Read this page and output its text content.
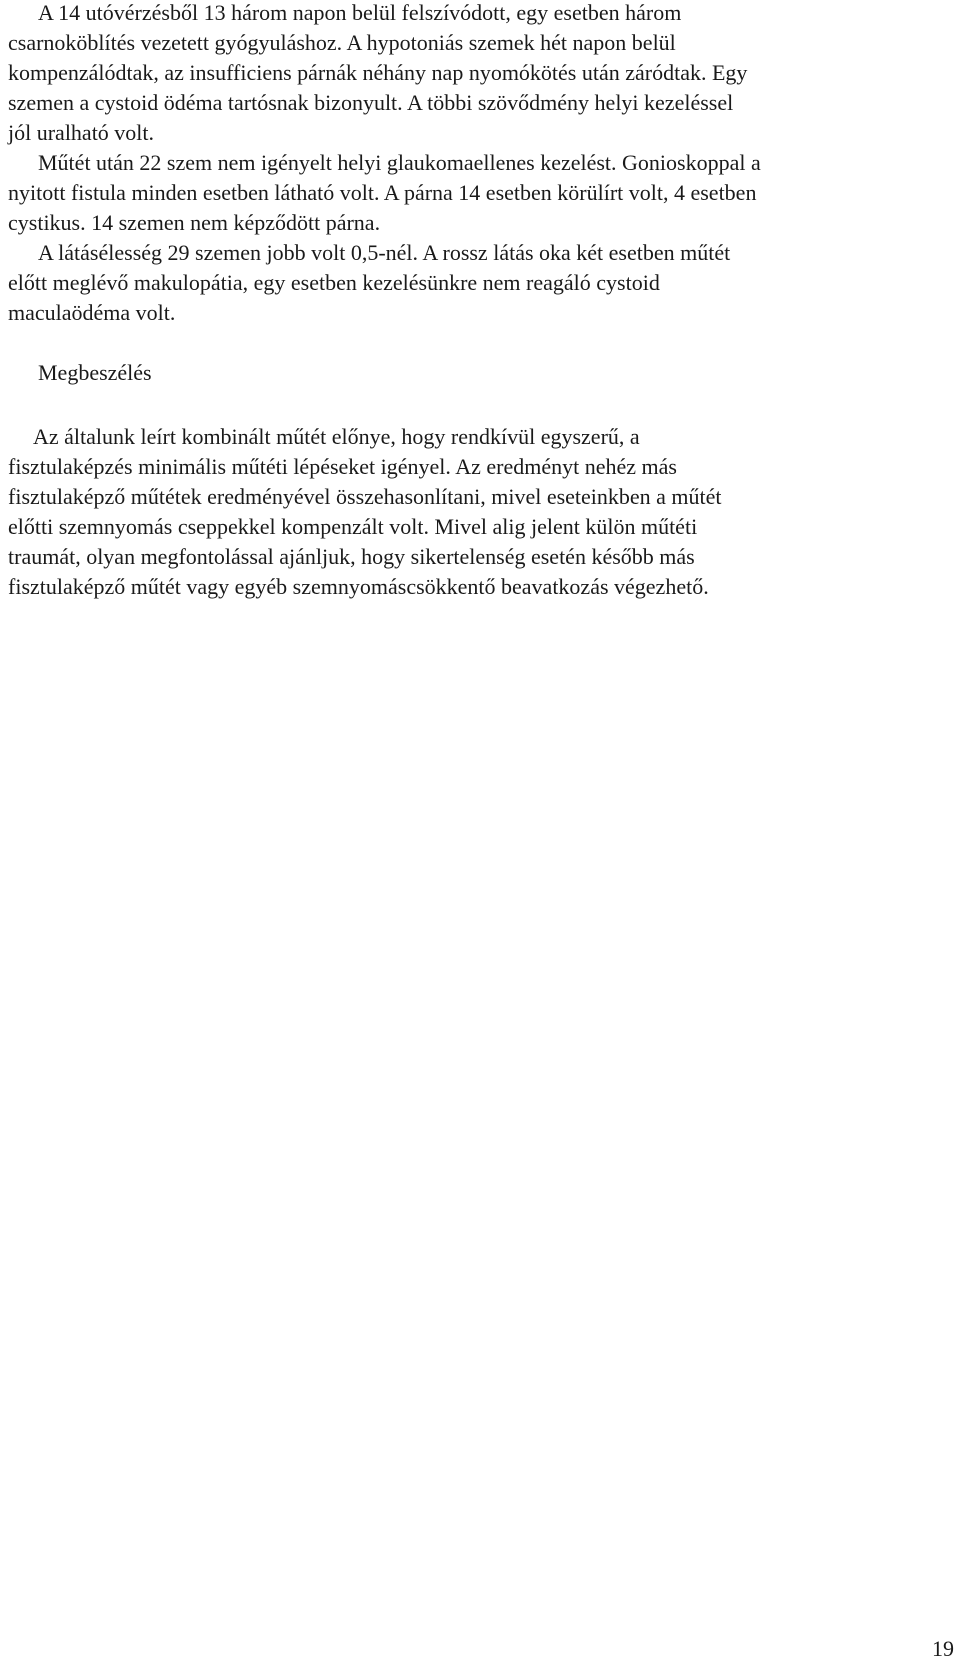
A 14 utóvérzésből 13 három napon belül felszívódott, egy esetben három
csarnoköblítés vezetett gyógyuláshoz. A hypotoniás szemek hét napon belül
kompenzálódtak, az insufficiens párnák néhány nap nyomókötés után záródtak. Egy
szemen a cystoid ödéma tartósnak bizonyult. A többi szövődmény helyi kezeléssel
jól uralható volt.
Műtét után 22 szem nem igényelt helyi glaukomaellenes kezelést. Gonioskoppal a
nyitott fistula minden esetben látható volt. A párna 14 esetben körülírt volt, 4 esetben
cystikus. 14 szemen nem képződött párna.
A látásélesség 29 szemen jobb volt 0,5-nél. A rossz látás oka két esetben műtét
előtt meglévő makulopátia, egy esetben kezelésünkre nem reagáló cystoid
maculaödéma volt.
Megbeszélés
Az általunk leírt kombinált műtét előnye, hogy rendkívül egyszerű, a
fisztulaképzés minimális műtéti lépéseket igényel. Az eredményt nehéz más
fisztulaképző műtétek eredményével összehasonlítani, mivel eseteinkben a műtét
előtti szemnyomás cseppekkel kompenzált volt. Mivel alig jelent külön műtéti
traumát, olyan megfontolással ajánljuk, hogy sikertelenség esetén később más
fisztulaképző műtét vagy egyéb szemnyomáscsökkentő beavatkozás végezhető.
19
